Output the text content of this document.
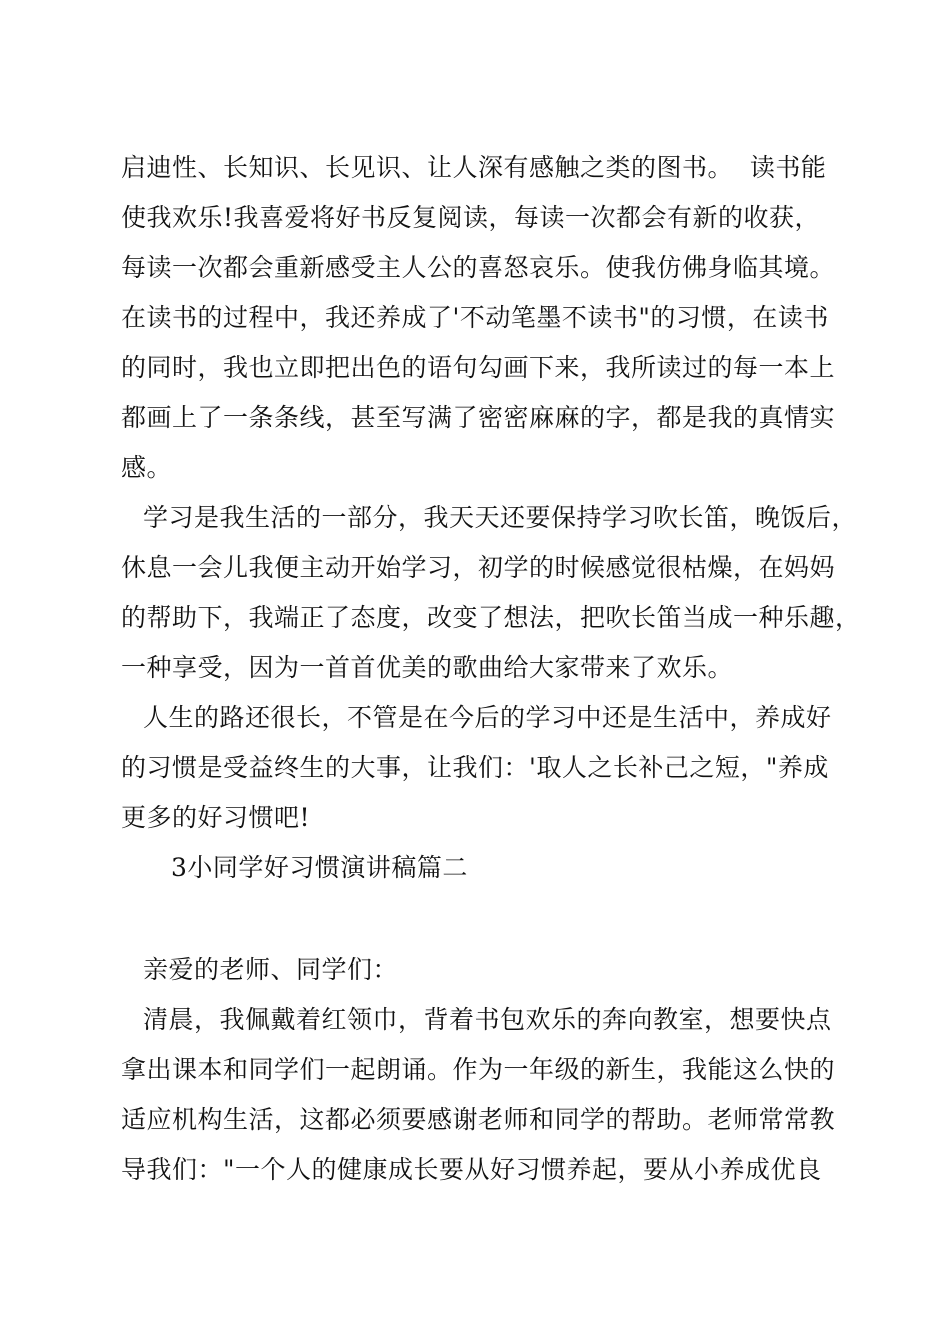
启迪性、长知识、长见识、让人深有感触之类的图书。  读书能
使我欢乐!我喜爱将好书反复阅读，每读一次都会有新的收获，
每读一次都会重新感受主人公的喜怒哀乐。使我仿佛身临其境。
在读书的过程中，我还养成了'不动笔墨不读书"的习惯，在读书
的同时，我也立即把出色的语句勾画下来，我所读过的每一本上
都画上了一条条线，甚至写满了密密麻麻的字，都是我的真情实
感。
学习是我生活的一部分，我天天还要保持学习吹长笛，晚饭后，
休息一会儿我便主动开始学习，初学的时候感觉很枯燥，在妈妈
的帮助下，我端正了态度，改变了想法，把吹长笛当成一种乐趣，
一种享受，因为一首首优美的歌曲给大家带来了欢乐。
人生的路还很长，不管是在今后的学习中还是生活中，养成好
的习惯是受益终生的大事，让我们：'取人之长补己之短，"养成
更多的好习惯吧!
3小同学好习惯演讲稿篇二
亲爱的老师、同学们：
清晨，我佩戴着红领巾，背着书包欢乐的奔向教室，想要快点
拿出课本和同学们一起朗诵。作为一年级的新生，我能这么快的
适应机构生活，这都必须要感谢老师和同学的帮助。老师常常教
导我们："一个人的健康成长要从好习惯养起，要从小养成优良
